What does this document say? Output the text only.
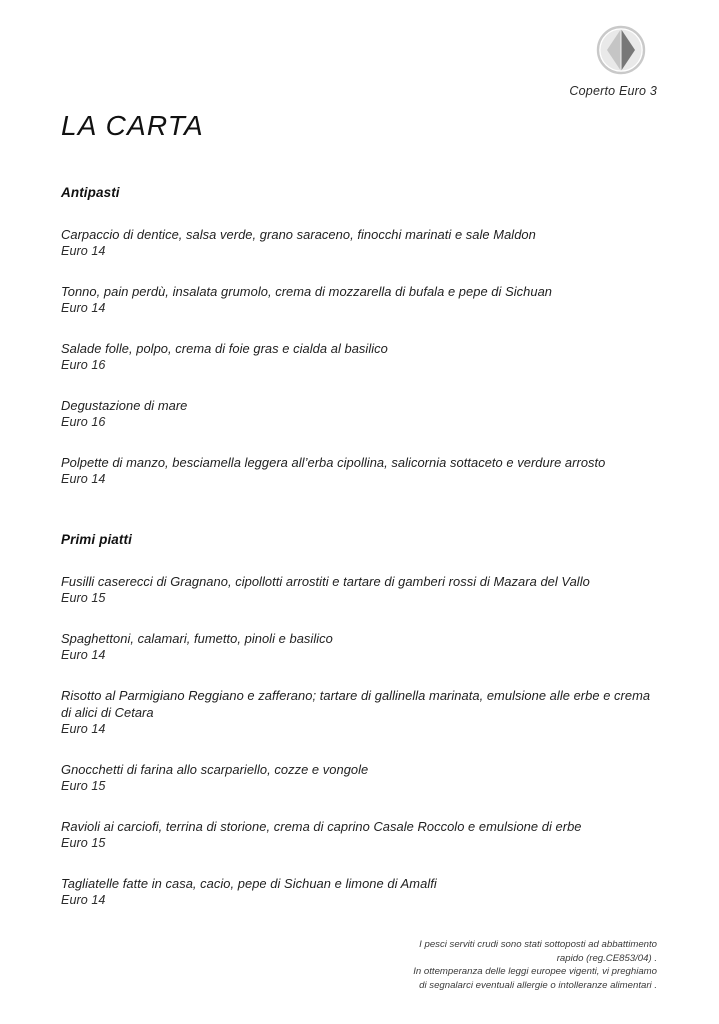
Coperto Euro 3
LA CARTA
Antipasti

Carpaccio di dentice, salsa verde, grano saraceno, finocchi marinati e sale Maldon

Euro 14

Tonno, pain perdù, insalata grumolo, crema di mozzarella di bufala e pepe di Sichuan

Euro 14

Salade folle, polpo, crema di foie gras e cialda al basilico

Euro 16

Degustazione di mare

Euro 16

Polpette di manzo, besciamella leggera all’erba cipollina, salicornia sottaceto e verdure arrosto

Euro 14

Primi piatti

Fusilli caserecci di Gragnano, cipollotti arrostiti e tartare di gamberi rossi di Mazara del Vallo

Euro 15

Spaghettoni, calamari, fumetto, pinoli e basilico

Euro 14

Risotto al Parmigiano Reggiano e zafferano; tartare di gallinella marinata, emulsione alle erbe e crema di alici di Cetara

Euro 14

Gnocchetti di farina allo scarpariello, cozze e vongole

Euro 15

Ravioli ai carciofi, terrina di storione, crema di caprino Casale Roccolo e emulsione di erbe

Euro 15

Tagliatelle fatte in casa, cacio, pepe di Sichuan e limone di Amalfi

Euro 14

I pesci serviti crudi sono stati sottoposti ad abbattimento
rapido (reg.CE853/04) .
In ottemperanza delle leggi europee vigenti, vi preghiamo
di segnalarci eventuali allergie o intolleranze alimentari .
